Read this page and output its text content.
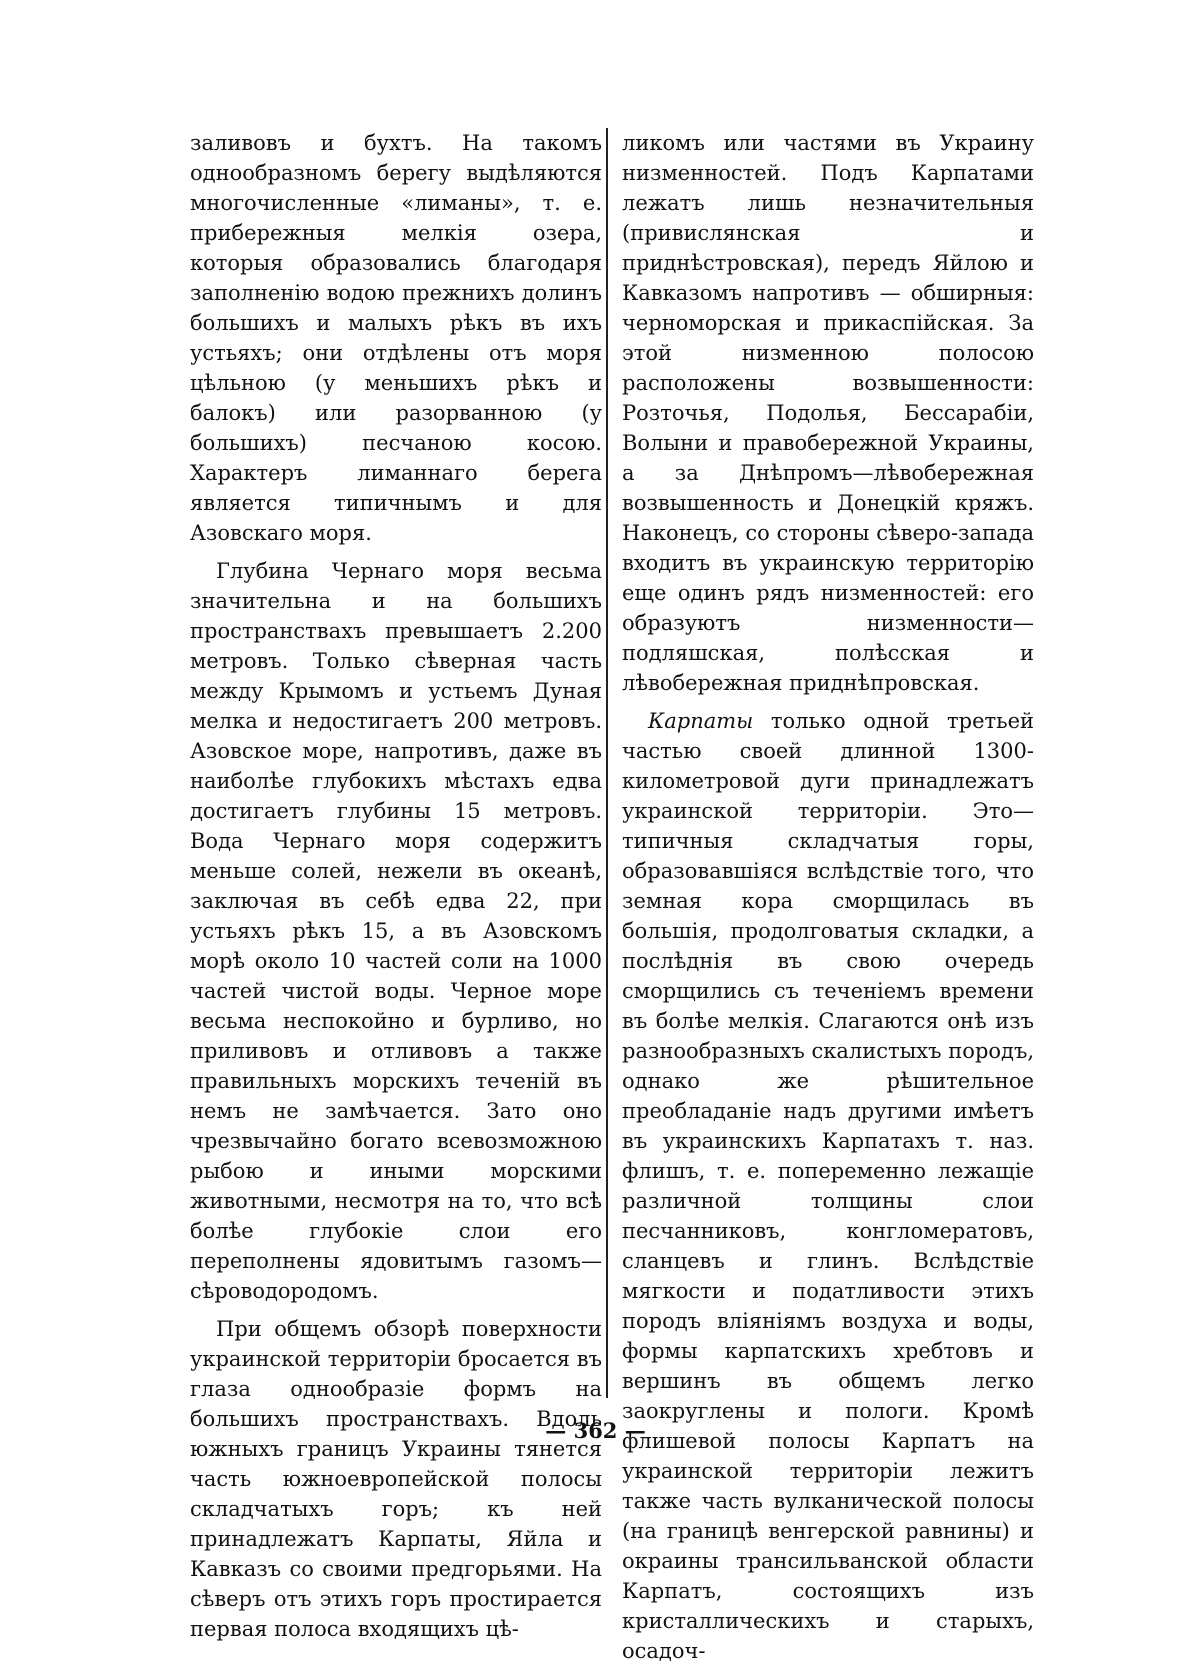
заливовъ и бухтъ. На такомъ однообразномъ берегу выдѣляются многочисленные «лиманы», т. е. прибережныя мелкія озера, которыя образовались благодаря заполненію водою прежнихъ долинъ большихъ и малыхъ рѣкъ въ ихъ устьяхъ; они отдѣлены отъ моря цѣльною (у меньшихъ рѣкъ и балокъ) или разорванною (у большихъ) песчаною косою. Характеръ лиманнаго берега является типичнымъ и для Азовскаго моря.

Глубина Чернаго моря весьма значительна и на большихъ пространствахъ превышаетъ 2.200 метровъ. Только сѣверная часть между Крымомъ и устьемъ Дуная мелка и недостигаетъ 200 метровъ. Азовское море, напротивъ, даже въ наиболѣе глубокихъ мѣстахъ едва достигаетъ глубины 15 метровъ. Вода Чернаго моря содержитъ меньше солей, нежели въ океанѣ, заключая въ себѣ едва 22, при устьяхъ рѣкъ 15, а въ Азовскомъ морѣ около 10 частей соли на 1000 частей чистой воды. Черное море весьма неспокойно и бурливо, но приливовъ и отливовъ а также правильныхъ морскихъ теченій въ немъ не замѣчается. Зато оно чрезвычайно богато всевозможною рыбою и иными морскими животными, несмотря на то, что всѣ болѣе глубокіе слои его переполнены ядовитымъ газомъ—сѣроводородомъ.

При общемъ обзорѣ поверхности украинской территоріи бросается въ глаза однообразіе формъ на большихъ пространствахъ. Вдоль южныхъ границъ Украины тянется часть южноевропейской полосы складчатыхъ горъ; къ ней принадлежатъ Карпаты, Яйла и Кавказъ со своими предгорьями. На сѣверъ отъ этихъ горъ простирается первая полоса входящихъ цѣ-

ликомъ или частями въ Украину низменностей. Подъ Карпатами лежатъ лишь незначительныя (привислянская и приднѣстровская), передъ Яйлою и Кавказомъ напротивъ — обширныя: черноморская и прикаспійская. За этой низменною полосою расположены возвышенности: Розточья, Подолья, Бессарабіи, Волыни и правобережной Украины, а за Днѣпромъ—лѣвобережная возвышенность и Донецкій кряжъ. Наконецъ, со стороны сѣверо-запада входитъ въ украинскую территорію еще одинъ рядъ низменностей: его образуютъ низменности—подляшская, полѣсская и лѣвобережная приднѣпровская.

Карпаты только одной третьей частью своей длинной 1300-километровой дуги принадлежатъ украинской территоріи. Это—типичныя складчатыя горы, образовавшіяся вслѣдствіе того, что земная кора сморщилась въ большія, продолговатыя складки, а послѣднія въ свою очередь сморщились съ теченіемъ времени въ болѣе мелкія. Слагаются онѣ изъ разнообразныхъ скалистыхъ породъ, однако же рѣшительное преобладаніе надъ другими имѣетъ въ украинскихъ Карпатахъ т. наз. флишъ, т. е. попеременно лежащіе различной толщины слои песчанниковъ, конгломератовъ, сланцевъ и глинъ. Вслѣдствіе мягкости и податливости этихъ породъ вліяніямъ воздуха и воды, формы карпатскихъ хребтовъ и вершинъ въ общемъ легко заокруглены и пологи. Кромѣ флишевой полосы Карпатъ на украинской территоріи лежитъ также часть вулканической полосы (на границѣ венгерской равнины) и окраины трансильванской области Карпатъ, состоящихъ изъ кристаллическихъ и старыхъ, осадоч-

— 362 —
